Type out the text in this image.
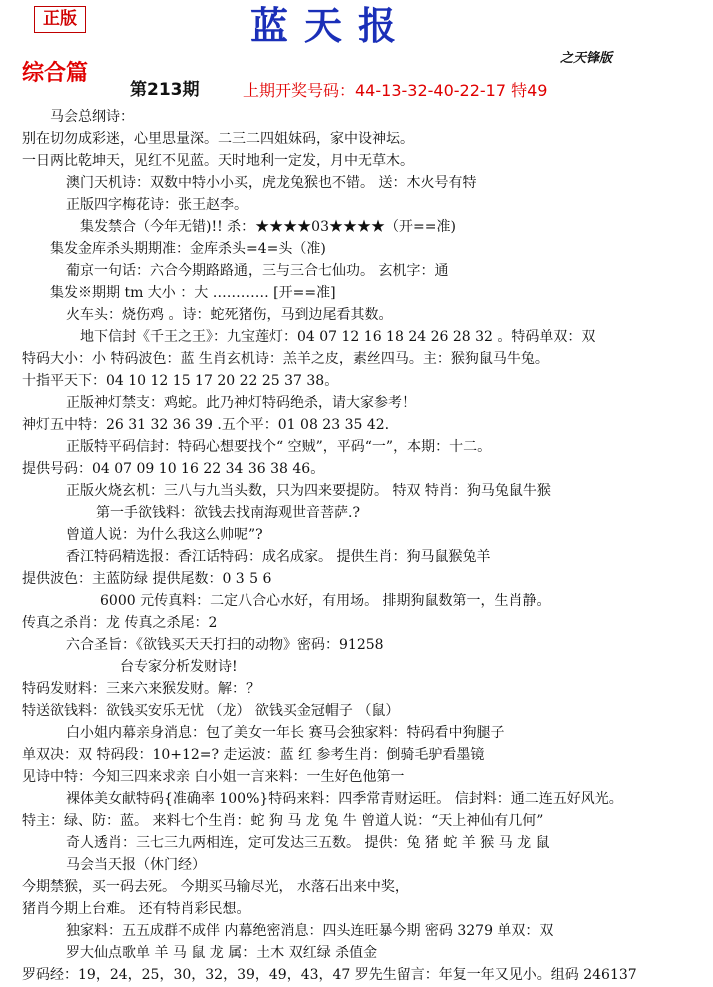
正版	蓝天报
之天锋版
综合篇
第213期	上期开奖号码：44-13-32-40-22-17 特49
马会总纲诗：
别在切勿成彩迷，心里思量深。二三二四姐妹码，家中设神坛。
一日两比乾坤天，见红不见蓝。天时地利一定发，月中无草木。
澳门天机诗：双数中特小小买，虎龙兔猴也不错。 送：木火号有特
正版四字梅花诗：张王赵李。
集发禁合（今年无错)!! 杀：★★★★03★★★★（开==准)
集发金库杀头期期准：金库杀头=4=头（准)
葡京一句话：六合今期路路通，三与三合七仙功。 玄机字：通
集发※期期 tm 大小 ：大 ………… [开==准]
火车头：烧伤鸡 。诗：蛇死猪伤，马到边尾看其数。
地下信封《千王之王》：九宝莲灯：04 07 12 16 18 24 26 28 32 。特码单双：双
特码大小：小 特码波色：蓝 生肖玄机诗：羔羊之皮，素丝四马。主：猴狗鼠马牛兔。
十指平天下：04 10 12 15 17 20 22 25 37 38。
正版神灯禁支：鸡蛇。此乃神灯特码绝杀，请大家参考！
神灯五中特：26 31 32 36 39 .五个平：01 08 23 35 42.
正版特平码信封：特码心想要找个“ 空贼”，平码“一”，本期：十二。
提供号码：04 07 09 10 16 22 34 36 38 46。
正版火烧玄机：三八与九当头数，只为四来要提防。 特双 特肖：狗马兔鼠牛猴
第一手欲钱料：欲钱去找南海观世音菩萨.?
曾道人说：为什么我这么帅呢”?
香江特码精选报：香江话特码：成名成家。 提供生肖：狗马鼠猴兔羊
提供波色：主蓝防绿 提供尾数：0 3 5 6
6000 元传真料：二定八合心水好，有用场。 排期狗鼠数第一，生肖静。
传真之杀肖：龙 传真之杀尾：2
六合圣旨：《欲钱买天天打扫的动物》密码：91258
台专家分析发财诗!
特码发财料：三来六来猴发财。解：？
特送欲钱料：欲钱买安乐无忧 （龙） 欲钱买金冠帽子 （鼠）
白小姐内幕亲身消息：包了美女一年长 赛马会独家料：特码看中狗腿子
单双决：双 特码段：10+12=? 走运波：蓝 红 参考生肖：倒骑毛驴看墨镜
见诗中特：今知三四来求亲 白小姐一言来料：一生好色他第一
裸体美女献特码{准确率 100%}特码来料：四季常青财运旺。 信封料：通二连五好风光。
特主：绿、防：蓝。 来料七个生肖：蛇 狗 马 龙 兔 牛 曾道人说：“天上神仙有几何”
奇人透肖：三七三九两相连，定可发达三五数。 提供：兔 猪 蛇 羊 猴 马 龙 鼠
马会当天报（休门经）
今期禁猴，买一码去死。 今期买马输尽光， 水落石出来中奖，
猪肖今期上台难。 还有特肖彩民想。
独家料：五五成群不成伴 内幕绝密消息：四头连旺暴今期 密码 3279 单双：双
罗大仙点歌单 羊 马 鼠 龙 属：土木 双红绿 杀值金
罗码经：19，24，25，30，32，39，49，43，47 罗先生留言：年复一年又见小。组码 246137
